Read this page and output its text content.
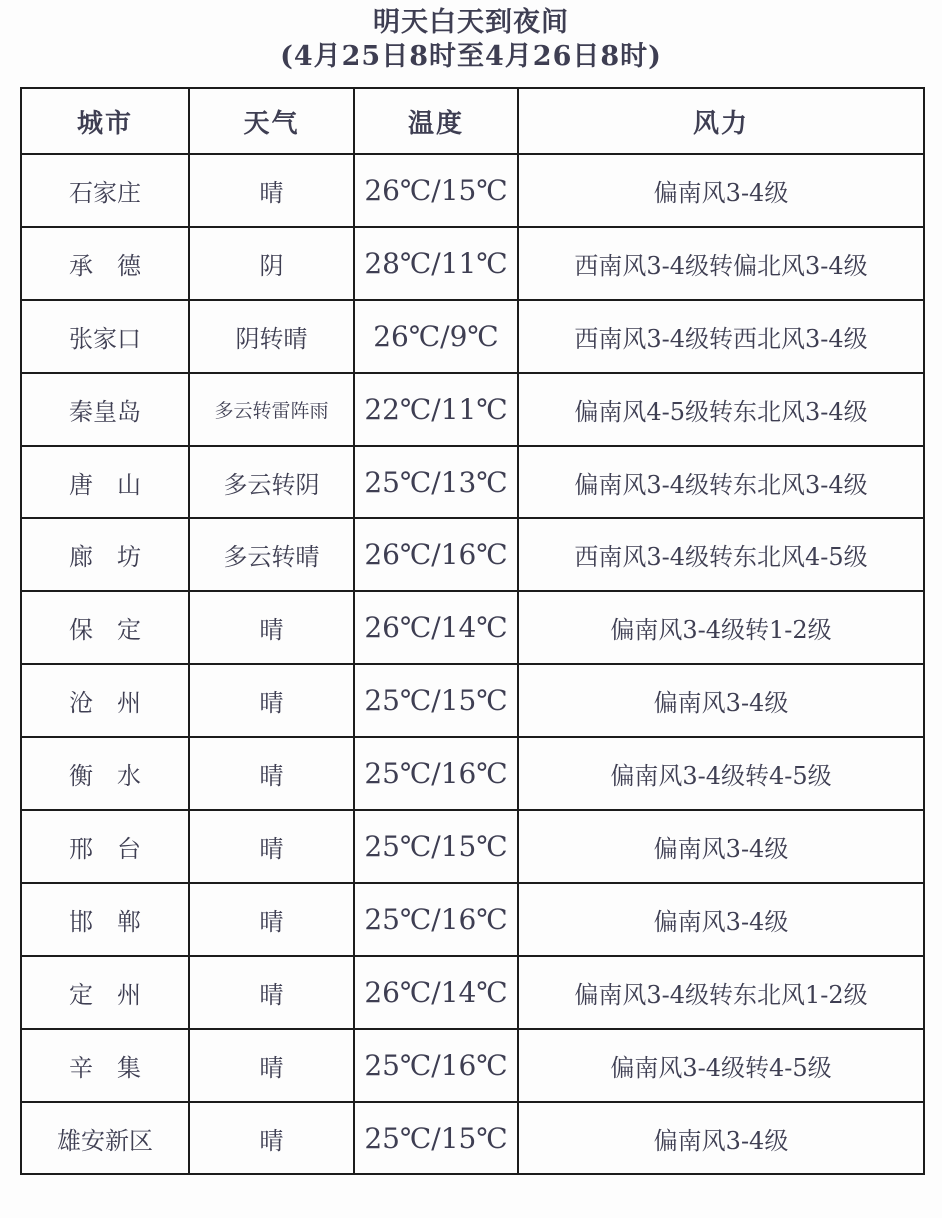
明天白天到夜间
(4月25日8时至4月26日8时)
城市	天气	温度	风力
石家庄	晴	26℃/15℃	偏南风3-4级
承　德	阴	28℃/11℃	西南风3-4级转偏北风3-4级
张家口	阴转晴	26℃/9℃	西南风3-4级转西北风3-4级
秦皇岛	多云转雷阵雨	22℃/11℃	偏南风4-5级转东北风3-4级
唐　山	多云转阴	25℃/13℃	偏南风3-4级转东北风3-4级
廊　坊	多云转晴	26℃/16℃	西南风3-4级转东北风4-5级
保　定	晴	26℃/14℃	偏南风3-4级转1-2级
沧　州	晴	25℃/15℃	偏南风3-4级
衡　水	晴	25℃/16℃	偏南风3-4级转4-5级
邢　台	晴	25℃/15℃	偏南风3-4级
邯　郸	晴	25℃/16℃	偏南风3-4级
定　州	晴	26℃/14℃	偏南风3-4级转东北风1-2级
辛　集	晴	25℃/16℃	偏南风3-4级转4-5级
雄安新区	晴	25℃/15℃	偏南风3-4级
